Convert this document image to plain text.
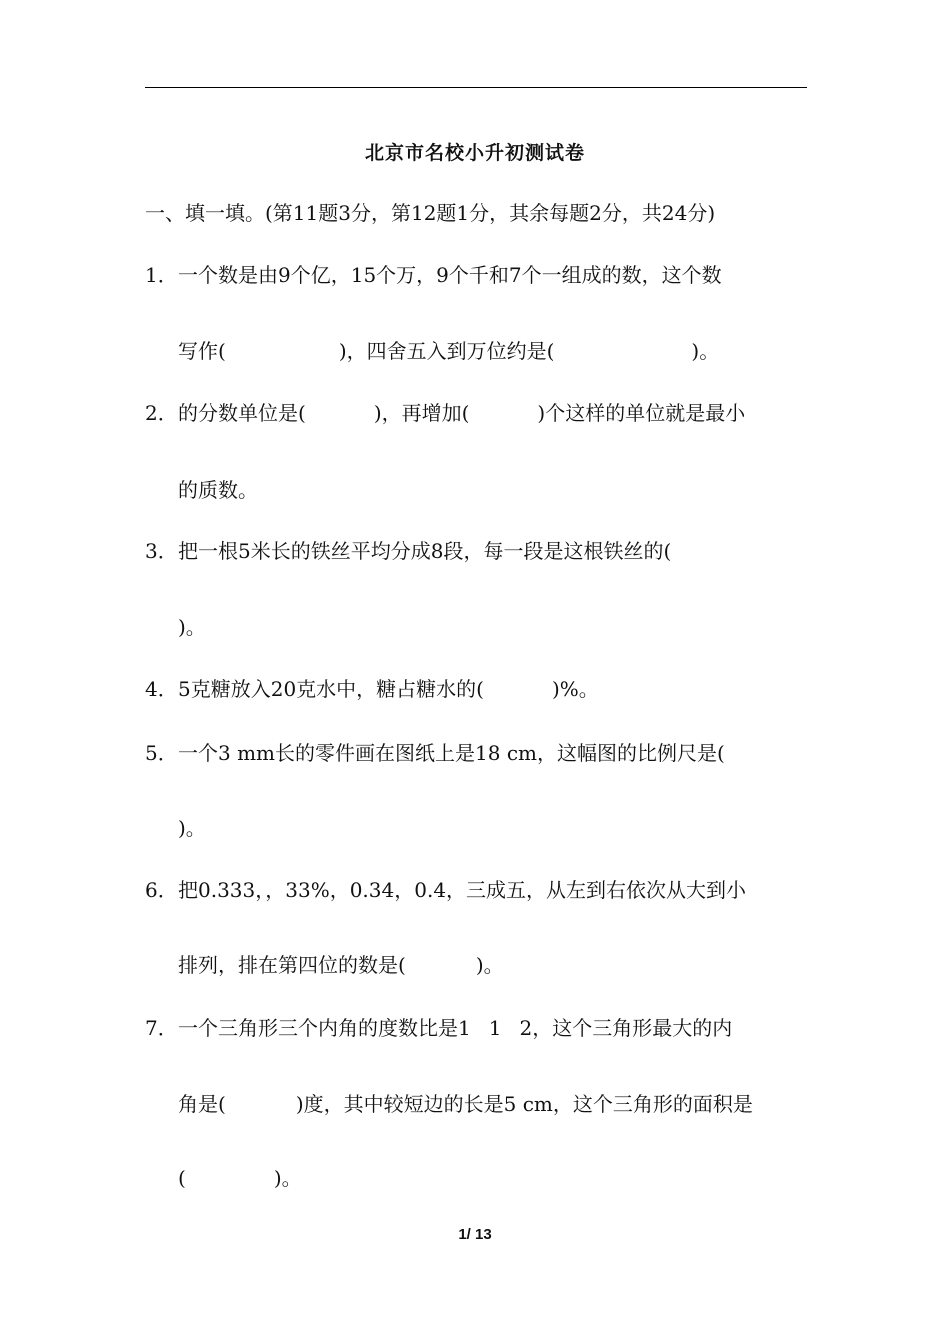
北京市名校小升初测试卷
一、填一填。(第11题3分，第12题1分，其余每题2分，共24分)
1． 一个数是由9个亿，15个万，9个千和7个一组成的数，这个数
写作(	)，四舍五入到万位约是(	)。
2． 的分数单位是(	)，再增加(	)个这样的单位就是最小
的质数。
3． 把一根5米长的铁丝平均分成8段，每一段是这根铁丝的(
)。
4． 5克糖放入20克水中，糖占糖水的(	)%。
5． 一个3 mm长的零件画在图纸上是18 cm，这幅图的比例尺是(
)。
6． 把0.333，，33%，0.34，0.4，三成五，从左到右依次从大到小
排列，排在第四位的数是(	)。
7． 一个三角形三个内角的度数比是1 1 2，这个三角形最大的内
角是(	)度，其中较短边的长是5 cm，这个三角形的面积是
(	)。
1/ 13
